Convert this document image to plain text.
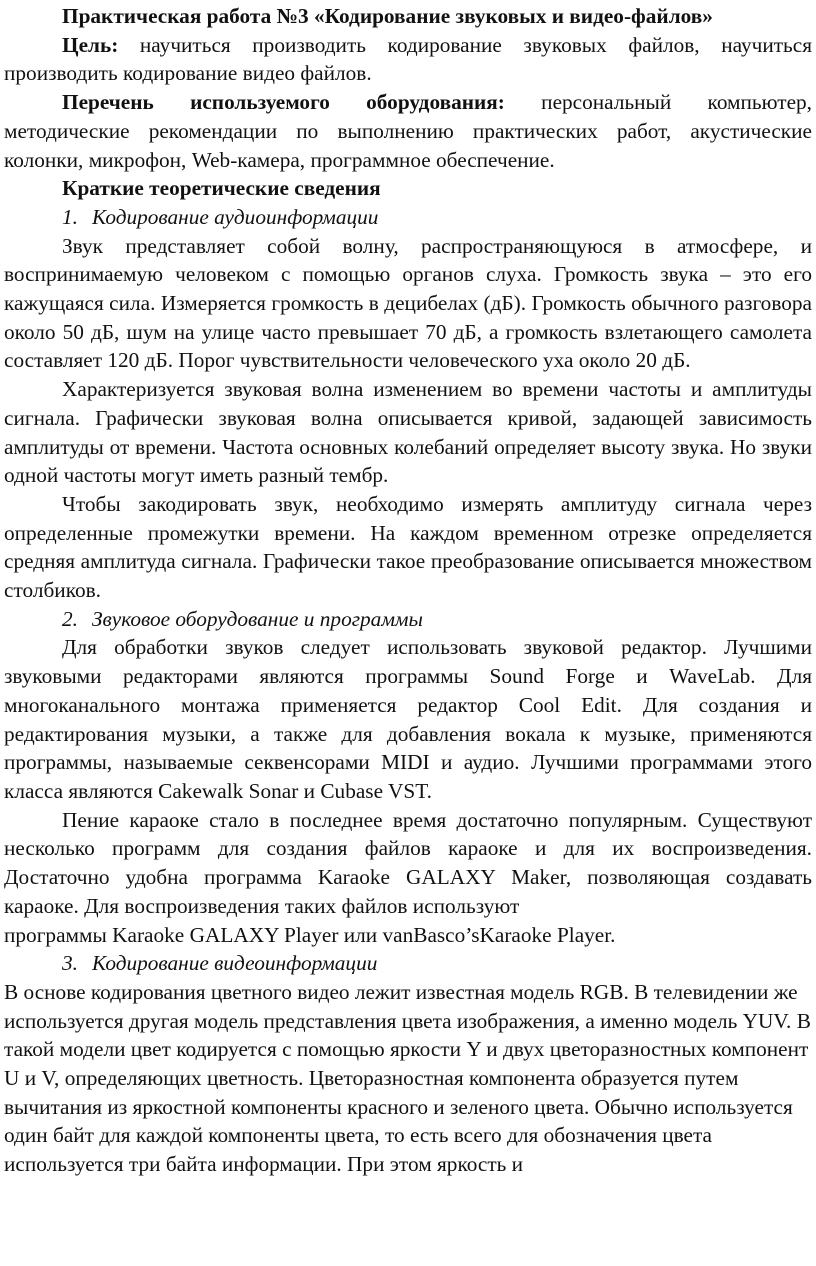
Практическая работа №3 «Кодирование звуковых и видео-файлов»

Цель: научиться производить кодирование звуковых файлов, научиться производить кодирование видео файлов.

Перечень используемого оборудования: персональный компьютер, методические рекомендации по выполнению практических работ, акустические колонки, микрофон, Web-камера, программное обеспечение.

Краткие теоретические сведения

1. Кодирование аудиоинформации

Звук представляет собой волну, распространяющуюся в атмосфере, и воспринимаемую человеком с помощью органов слуха. Громкость звука – это его кажущаяся сила. Измеряется громкость в децибелах (дБ). Громкость обычного разговора около 50 дБ, шум на улице часто превышает 70 дБ, а громкость взлетающего самолета составляет 120 дБ. Порог чувствительности человеческого уха около 20 дБ.

Характеризуется звуковая волна изменением во времени частоты и амплитуды сигнала. Графически звуковая волна описывается кривой, задающей зависимость амплитуды от времени. Частота основных колебаний определяет высоту звука. Но звуки одной частоты могут иметь разный тембр.

Чтобы закодировать звук, необходимо измерять амплитуду сигнала через определенные промежутки времени. На каждом временном отрезке определяется средняя амплитуда сигнала. Графически такое преобразование описывается множеством столбиков.

2. Звуковое оборудование и программы

Для обработки звуков следует использовать звуковой редактор. Лучшими звуковыми редакторами являются программы Sound Forge и WaveLab. Для многоканального монтажа применяется редактор Cool Edit. Для создания и редактирования музыки, а также для добавления вокала к музыке, применяются программы, называемые секвенсорами MIDI и аудио. Лучшими программами этого класса являются Cakewalk Sonar и Cubase VST.

Пение караоке стало в последнее время достаточно популярным. Существуют несколько программ для создания файлов караоке и для их воспроизведения. Достаточно удобна программа Karaoke GALAXY Maker, позволяющая создавать караоке. Для воспроизведения таких файлов используют

программы Karaoke GALAXY Player или vanBasco’sKaraoke Player.

3. Кодирование видеоинформации

В основе кодирования цветного видео лежит известная модель RGB. В телевидении же используется другая модель представления цвета изображения, а именно модель YUV. В такой модели цвет кодируется с помощью яркости Y и двух цветоразностных компонент U и V, определяющих цветность. Цветоразностная компонента образуется путем вычитания из яркостной компоненты красного и зеленого цвета. Обычно используется один байт для каждой компоненты цвета, то есть всего для обозначения цвета используется три байта информации. При этом яркость и
